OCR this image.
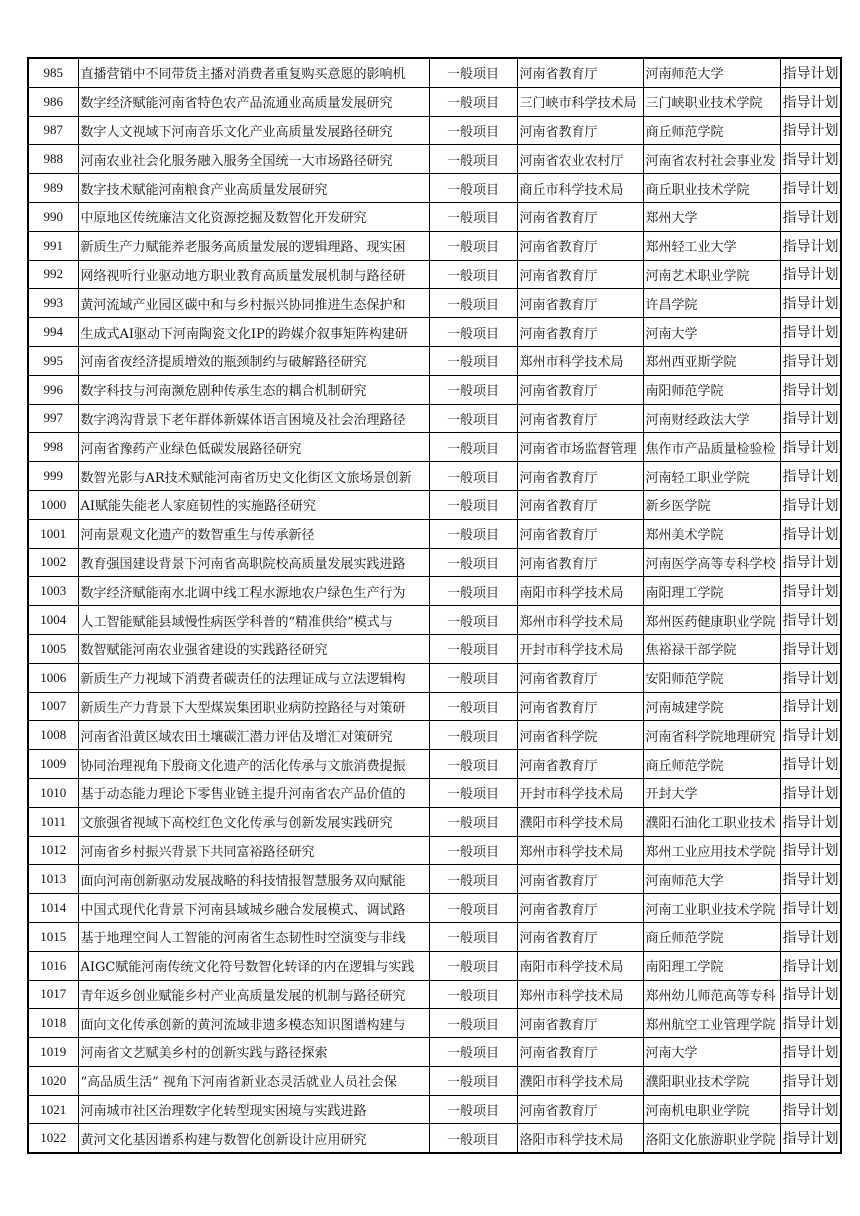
985	直播营销中不同带货主播对消费者重复购买意愿的影响机	一般项目	河南省教育厅	河南师范大学	指导计划
986	数字经济赋能河南省特色农产品流通业高质量发展研究	一般项目	三门峡市科学技术局	三门峡职业技术学院	指导计划
987	数字人文视域下河南音乐文化产业高质量发展路径研究	一般项目	河南省教育厅	商丘师范学院	指导计划
988	河南农业社会化服务融入服务全国统一大市场路径研究	一般项目	河南省农业农村厅	河南省农村社会事业发	指导计划
989	数字技术赋能河南粮食产业高质量发展研究	一般项目	商丘市科学技术局	商丘职业技术学院	指导计划
990	中原地区传统廉洁文化资源挖掘及数智化开发研究	一般项目	河南省教育厅	郑州大学	指导计划
991	新质生产力赋能养老服务高质量发展的逻辑理路、现实困	一般项目	河南省教育厅	郑州轻工业大学	指导计划
992	网络视听行业驱动地方职业教育高质量发展机制与路径研	一般项目	河南省教育厅	河南艺术职业学院	指导计划
993	黄河流域产业园区碳中和与乡村振兴协同推进生态保护和	一般项目	河南省教育厅	许昌学院	指导计划
994	生成式AI驱动下河南陶瓷文化IP的跨媒介叙事矩阵构建研	一般项目	河南省教育厅	河南大学	指导计划
995	河南省夜经济提质增效的瓶颈制约与破解路径研究	一般项目	郑州市科学技术局	郑州西亚斯学院	指导计划
996	数字科技与河南濒危剧种传承生态的耦合机制研究	一般项目	河南省教育厅	南阳师范学院	指导计划
997	数字鸿沟背景下老年群体新媒体语言困境及社会治理路径	一般项目	河南省教育厅	河南财经政法大学	指导计划
998	河南省豫药产业绿色低碳发展路径研究	一般项目	河南省市场监督管理	焦作市产品质量检验检	指导计划
999	数智光影与AR技术赋能河南省历史文化街区文旅场景创新	一般项目	河南省教育厅	河南轻工职业学院	指导计划
1000	AI赋能失能老人家庭韧性的实施路径研究	一般项目	河南省教育厅	新乡医学院	指导计划
1001	河南景观文化遗产的数智重生与传承新径	一般项目	河南省教育厅	郑州美术学院	指导计划
1002	教育强国建设背景下河南省高职院校高质量发展实践进路	一般项目	河南省教育厅	河南医学高等专科学校	指导计划
1003	数字经济赋能南水北调中线工程水源地农户绿色生产行为	一般项目	南阳市科学技术局	南阳理工学院	指导计划
1004	人工智能赋能县域慢性病医学科普的“精准供给”模式与	一般项目	郑州市科学技术局	郑州医药健康职业学院	指导计划
1005	数智赋能河南农业强省建设的实践路径研究	一般项目	开封市科学技术局	焦裕禄干部学院	指导计划
1006	新质生产力视域下消费者碳责任的法理证成与立法逻辑构	一般项目	河南省教育厅	安阳师范学院	指导计划
1007	新质生产力背景下大型煤炭集团职业病防控路径与对策研	一般项目	河南省教育厅	河南城建学院	指导计划
1008	河南省沿黄区域农田土壤碳汇潜力评估及增汇对策研究	一般项目	河南省科学院	河南省科学院地理研究	指导计划
1009	协同治理视角下殷商文化遗产的活化传承与文旅消费提振	一般项目	河南省教育厅	商丘师范学院	指导计划
1010	基于动态能力理论下零售业链主提升河南省农产品价值的	一般项目	开封市科学技术局	开封大学	指导计划
1011	文旅强省视域下高校红色文化传承与创新发展实践研究	一般项目	濮阳市科学技术局	濮阳石油化工职业技术	指导计划
1012	河南省乡村振兴背景下共同富裕路径研究	一般项目	郑州市科学技术局	郑州工业应用技术学院	指导计划
1013	面向河南创新驱动发展战略的科技情报智慧服务双向赋能	一般项目	河南省教育厅	河南师范大学	指导计划
1014	中国式现代化背景下河南县域城乡融合发展模式、调试路	一般项目	河南省教育厅	河南工业职业技术学院	指导计划
1015	基于地理空间人工智能的河南省生态韧性时空演变与非线	一般项目	河南省教育厅	商丘师范学院	指导计划
1016	AIGC赋能河南传统文化符号数智化转译的内在逻辑与实践	一般项目	南阳市科学技术局	南阳理工学院	指导计划
1017	青年返乡创业赋能乡村产业高质量发展的机制与路径研究	一般项目	郑州市科学技术局	郑州幼儿师范高等专科	指导计划
1018	面向文化传承创新的黄河流域非遗多模态知识图谱构建与	一般项目	河南省教育厅	郑州航空工业管理学院	指导计划
1019	河南省文艺赋美乡村的创新实践与路径探索	一般项目	河南省教育厅	河南大学	指导计划
1020	“高品质生活” 视角下河南省新业态灵活就业人员社会保	一般项目	濮阳市科学技术局	濮阳职业技术学院	指导计划
1021	河南城市社区治理数字化转型现实困境与实践进路	一般项目	河南省教育厅	河南机电职业学院	指导计划
1022	黄河文化基因谱系构建与数智化创新设计应用研究	一般项目	洛阳市科学技术局	洛阳文化旅游职业学院	指导计划
